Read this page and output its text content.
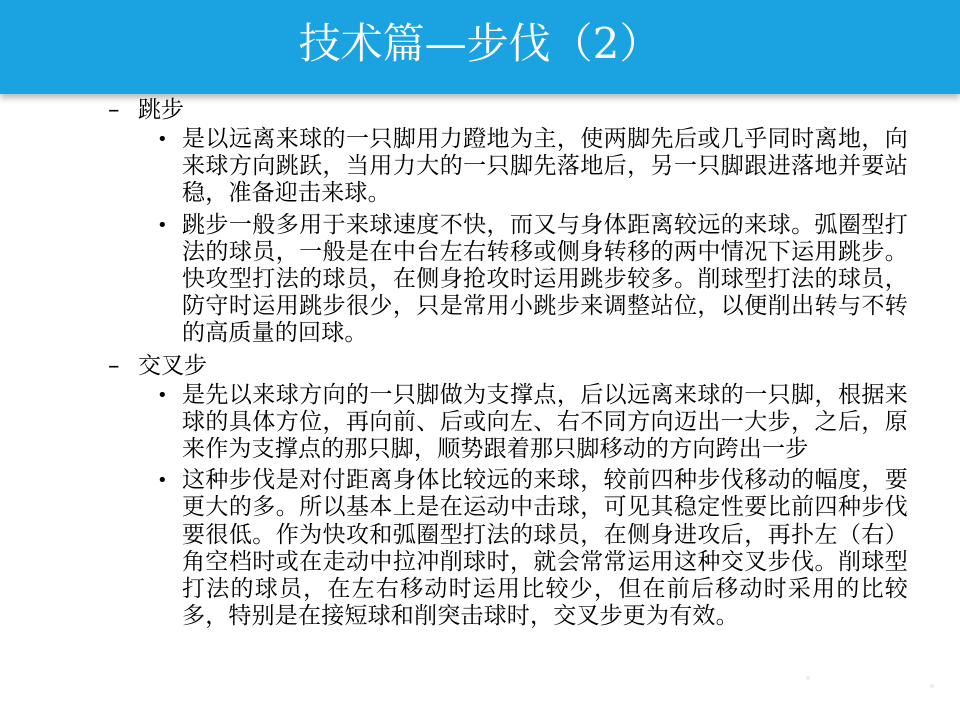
技术篇—步伐（2）
– 跳步
• 是以远离来球的一只脚用力蹬地为主，使两脚先后或几乎同时离地，向来球方向跳跃，当用力大的一只脚先落地后，另一只脚跟进落地并要站稳，准备迎击来球。
• 跳步一般多用于来球速度不快，而又与身体距离较远的来球。弧圈型打法的球员，一般是在中台左右转移或侧身转移的两中情况下运用跳步。快攻型打法的球员，在侧身抢攻时运用跳步较多。削球型打法的球员，防守时运用跳步很少，只是常用小跳步来调整站位，以便削出转与不转的高质量的回球。
– 交叉步
• 是先以来球方向的一只脚做为支撑点，后以远离来球的一只脚，根据来球的具体方位，再向前、后或向左、右不同方向迈出一大步，之后，原来作为支撑点的那只脚，顺势跟着那只脚移动的方向跨出一步
• 这种步伐是对付距离身体比较远的来球，较前四种步伐移动的幅度，要更大的多。所以基本上是在运动中击球，可见其稳定性要比前四种步伐要很低。作为快攻和弧圈型打法的球员，在侧身进攻后，再扑左（右）角空档时或在走动中拉冲削球时，就会常常运用这种交叉步伐。削球型打法的球员，在左右移动时运用比较少，但在前后移动时采用的比较多，特别是在接短球和削突击球时，交叉步更为有效。
